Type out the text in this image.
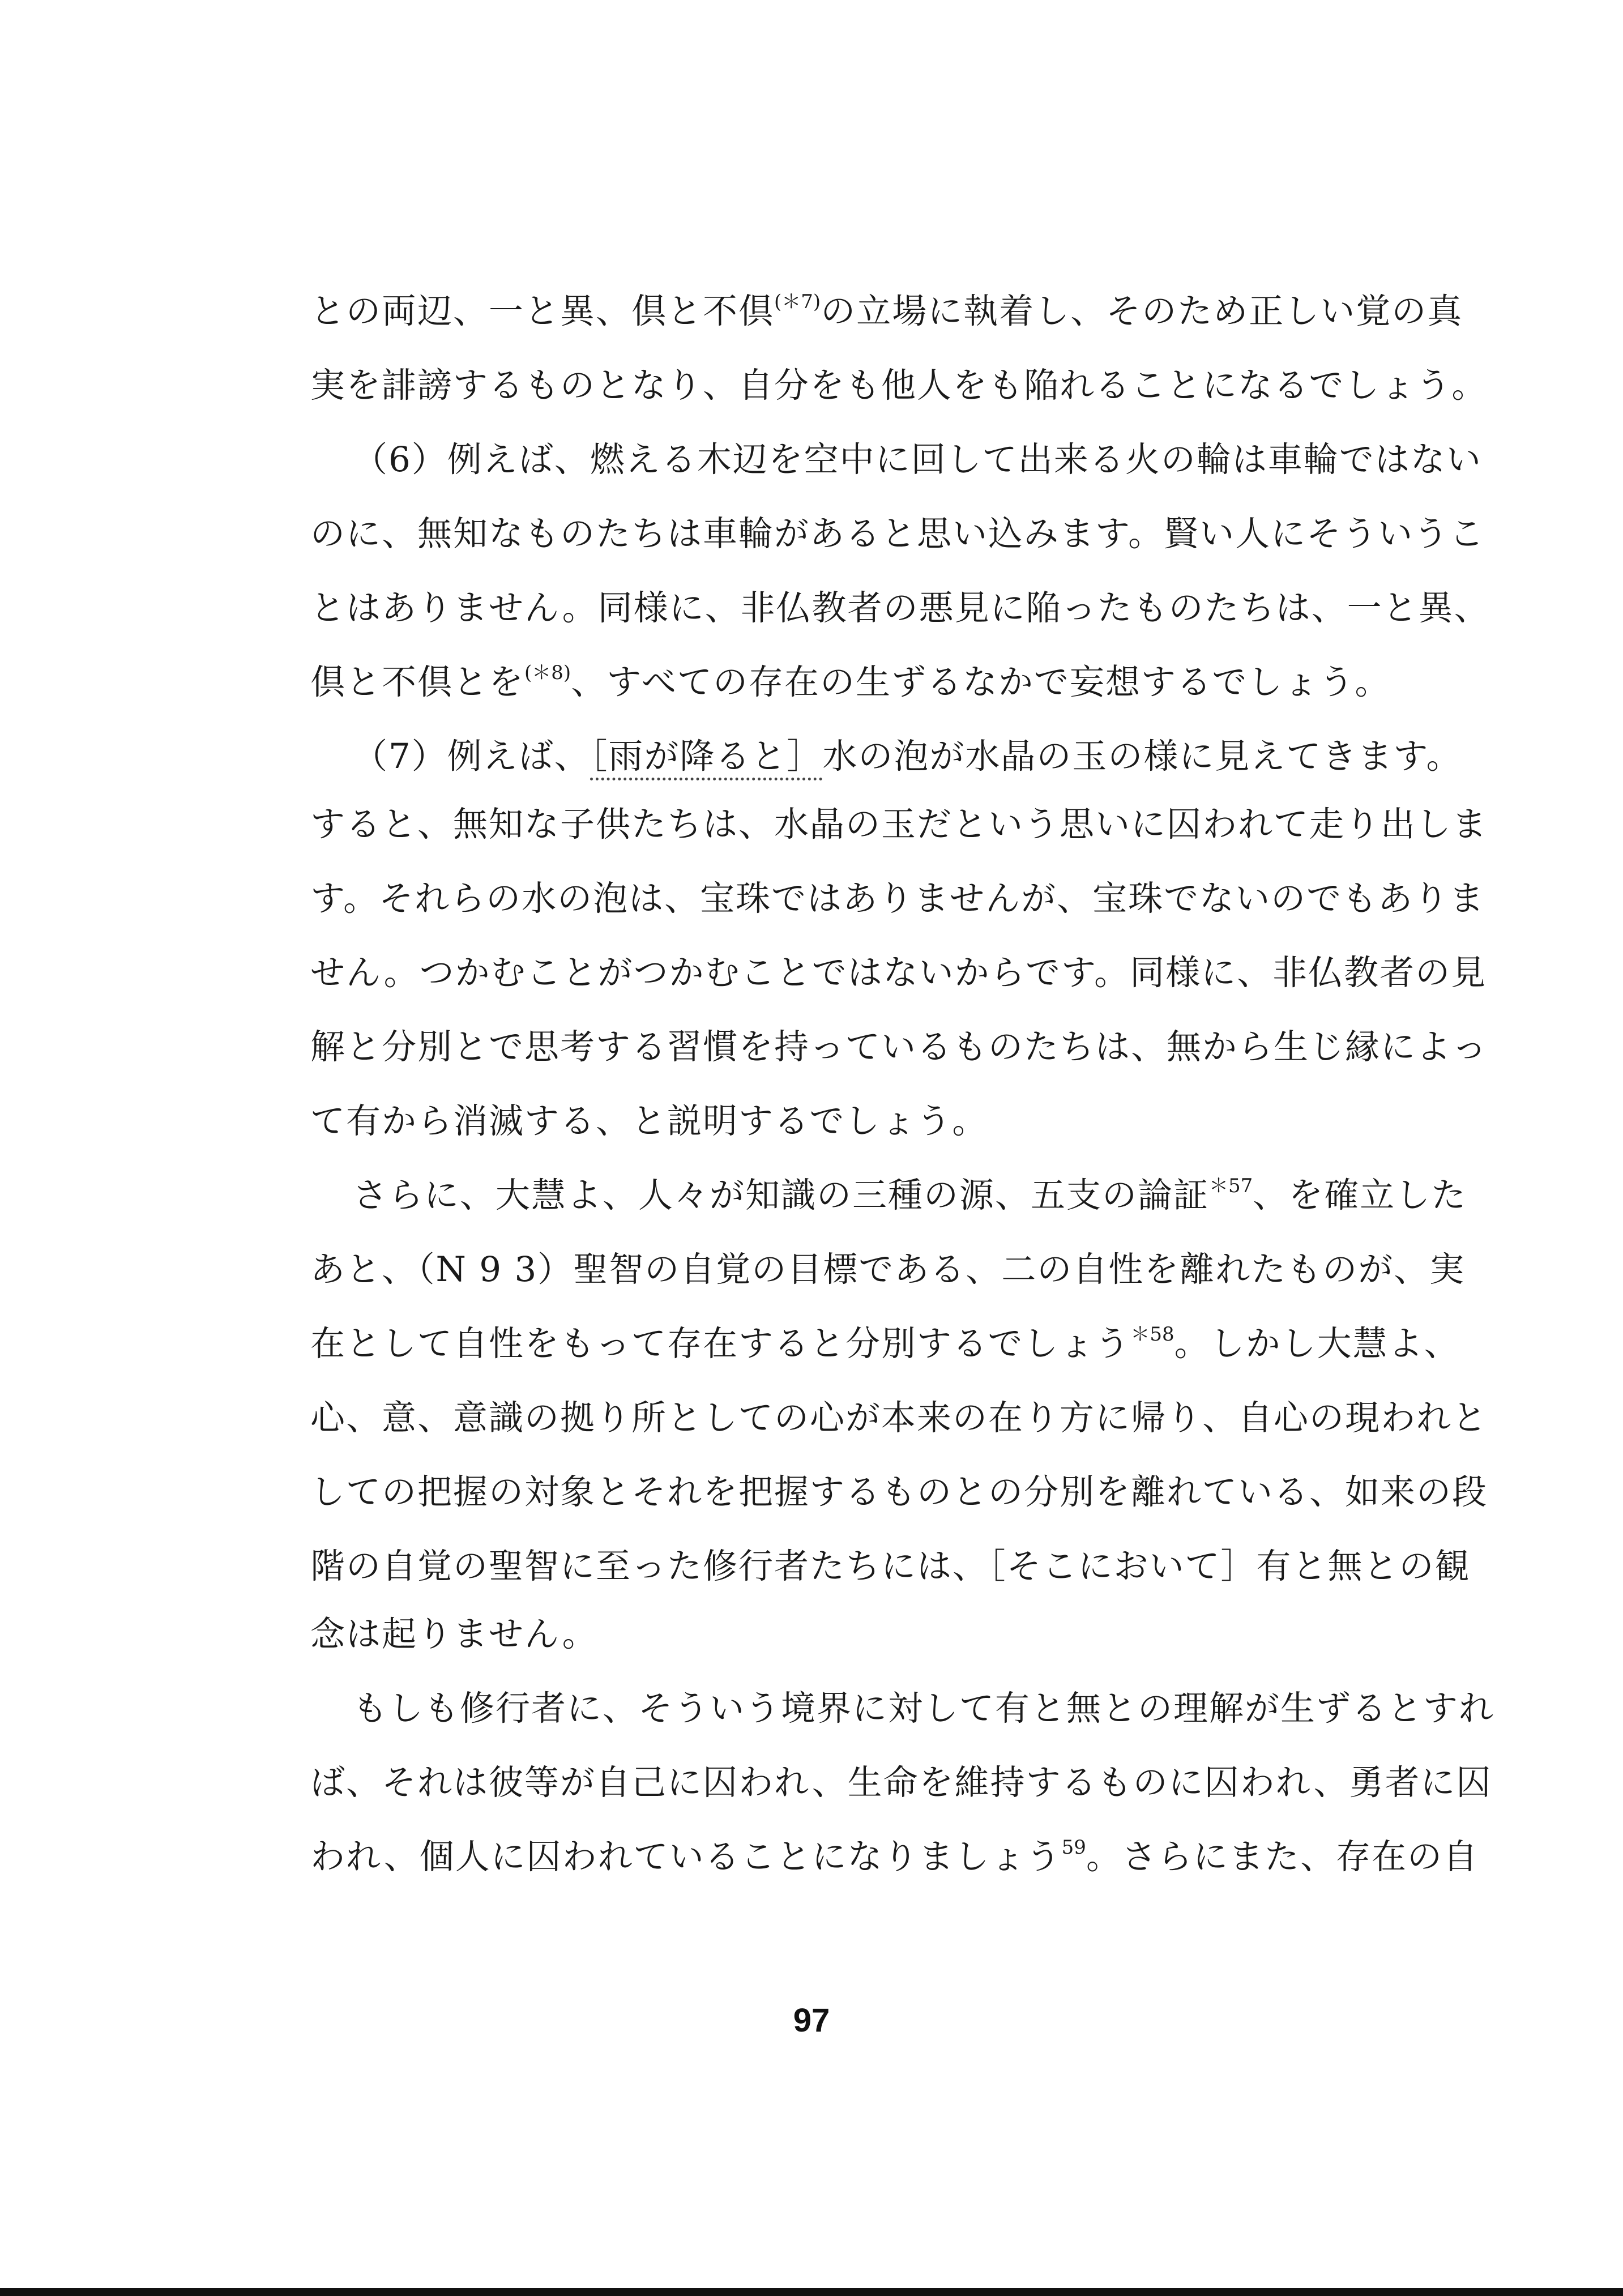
との両辺、一と異、倶と不倶$^{(*7)}$の立場に執着し、そのため正しい覚の真
実を誹謗するものとなり、自分をも他人をも陥れることになるでしょう。
（6）例えば、燃える木辺を空中に回して出来る火の輪は車輪ではない
のに、無知なものたちは車輪があると思い込みます。賢い人にそういうこ
とはありません。同様に、非仏教者の悪見に陥ったものたちは、一と異、
倶と不倶とを$^{(*8)}$、すべての存在の生ずるなかで妄想するでしょう。
（7）例えば、［雨が降ると］水の泡が水晶の玉の様に見えてきます。
すると、無知な子供たちは、水晶の玉だという思いに囚われて走り出しま
す。それらの水の泡は、宝珠ではありませんが、宝珠でないのでもありま
せん。つかむことがつかむことではないからです。同様に、非仏教者の見
解と分別とで思考する習慣を持っているものたちは、無から生じ縁によっ
て有から消滅する、と説明するでしょう。
さらに、大慧よ、人々が知識の三種の源、五支の論証$^{*57}$、を確立した
あと、（N 9 3）聖智の自覚の目標である、二の自性を離れたものが、実
在として自性をもって存在すると分別するでしょう$^{*58}$。しかし大慧よ、
心、意、意識の拠り所としての心が本来の在り方に帰り、自心の現われと
しての把握の対象とそれを把握するものとの分別を離れている、如来の段
階の自覚の聖智に至った修行者たちには、［そこにおいて］有と無との観
念は起りません。
もしも修行者に、そういう境界に対して有と無との理解が生ずるとすれ
ば、それは彼等が自己に囚われ、生命を維持するものに囚われ、勇者に囚
われ、個人に囚われていることになりましょう$^{59}$。さらにまた、存在の自
97
